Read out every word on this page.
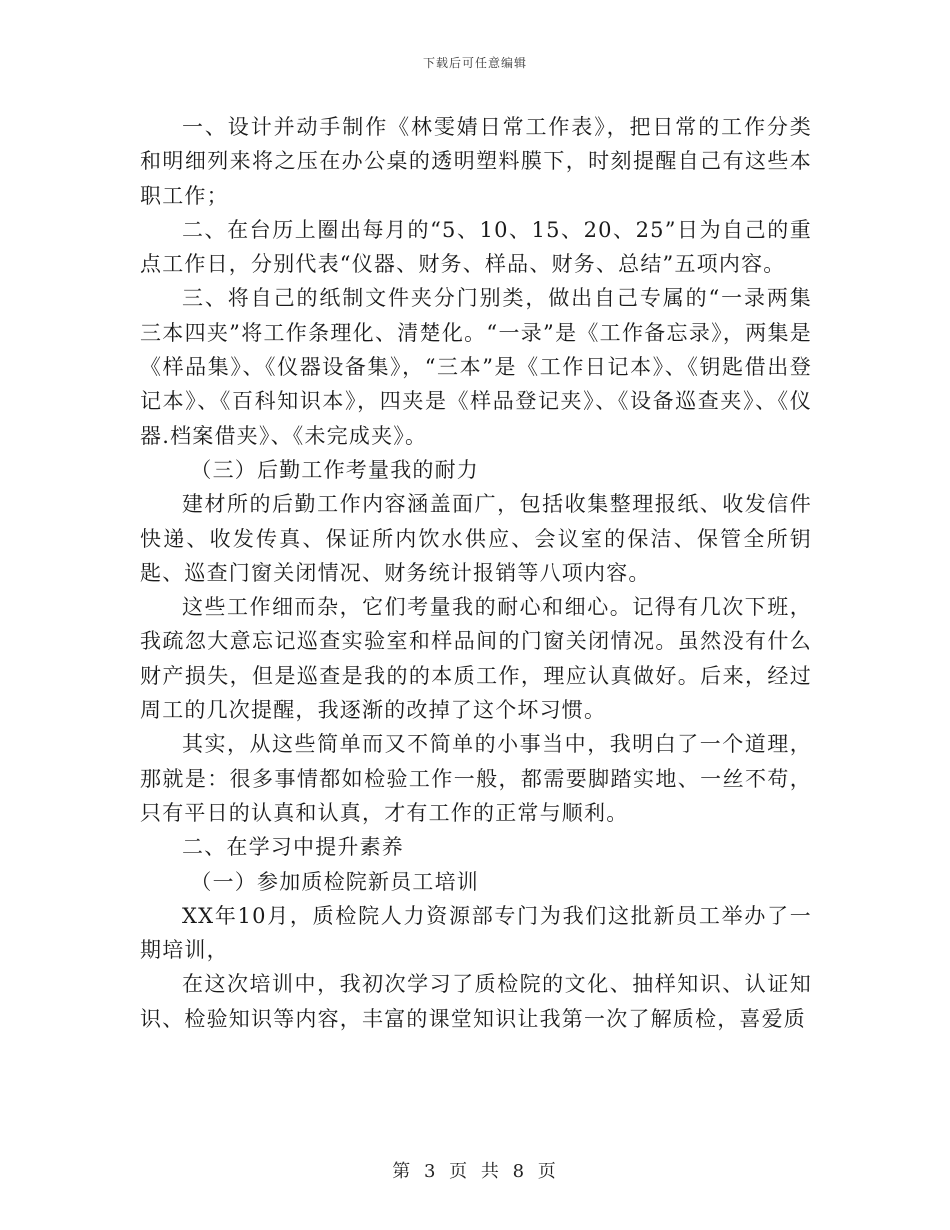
下载后可任意编辑

一、设计并动手制作《林雯婧日常工作表》，把日常的工作分类和明细列来将之压在办公桌的透明塑料膜下，时刻提醒自己有这些本职工作；

二、在台历上圈出每月的“5、10、15、20、25”日为自己的重点工作日，分别代表“仪器、财务、样品、财务、总结”五项内容。

三、将自己的纸制文件夹分门别类，做出自己专属的“一录两集三本四夹”将工作条理化、清楚化。“一录”是《工作备忘录》，两集是《样品集》、《仪器设备集》，“三本”是《工作日记本》、《钥匙借出登记本》、《百科知识本》，四夹是《样品登记夹》、《设备巡查夹》、《仪器.档案借夹》、《未完成夹》。

（三）后勤工作考量我的耐力

建材所的后勤工作内容涵盖面广，包括收集整理报纸、收发信件快递、收发传真、保证所内饮水供应、会议室的保洁、保管全所钥匙、巡查门窗关闭情况、财务统计报销等八项内容。

这些工作细而杂，它们考量我的耐心和细心。记得有几次下班，我疏忽大意忘记巡查实验室和样品间的门窗关闭情况。虽然没有什么财产损失，但是巡查是我的的本质工作，理应认真做好。后来，经过周工的几次提醒，我逐渐的改掉了这个坏习惯。

其实，从这些简单而又不简单的小事当中，我明白了一个道理，那就是：很多事情都如检验工作一般，都需要脚踏实地、一丝不苟，只有平日的认真和认真，才有工作的正常与顺利。

二、在学习中提升素养

（一）参加质检院新员工培训

XX年10月，质检院人力资源部专门为我们这批新员工举办了一期培训，

在这次培训中，我初次学习了质检院的文化、抽样知识、认证知识、检验知识等内容，丰富的课堂知识让我第一次了解质检，喜爱质

第 3 页 共 8 页
